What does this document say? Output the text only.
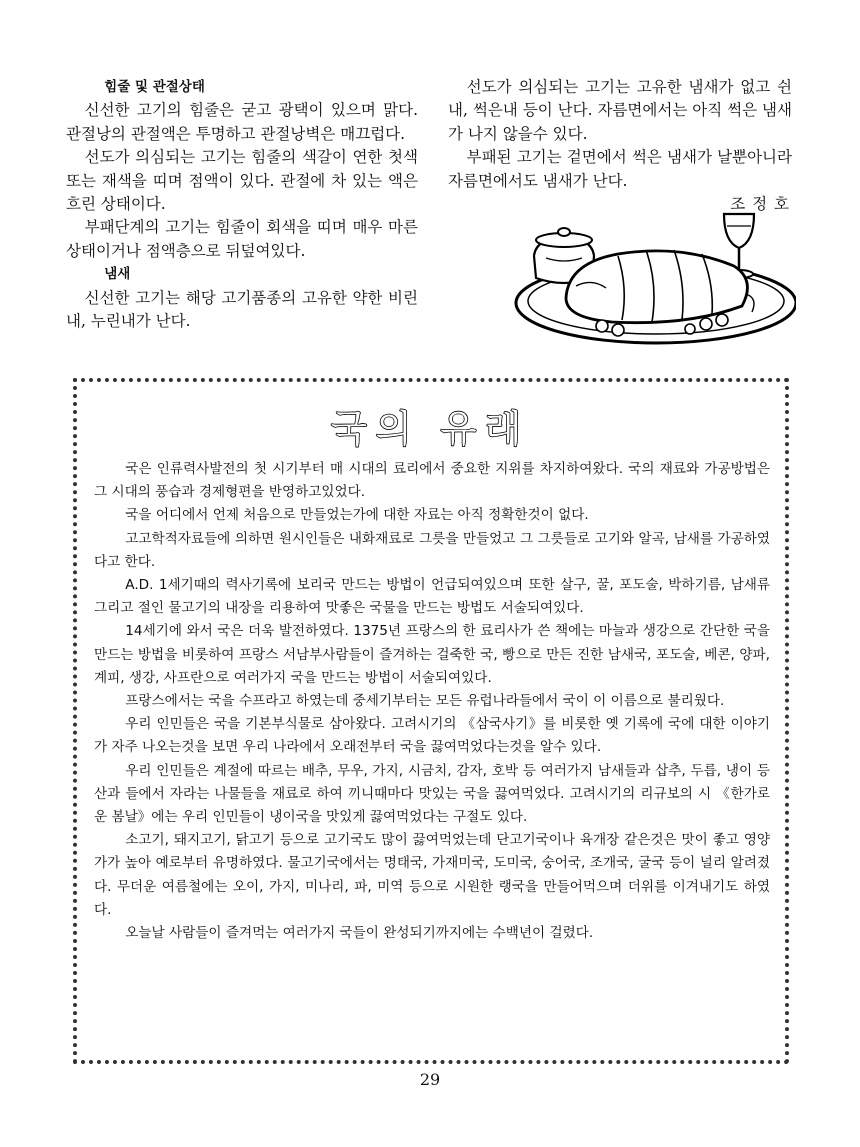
힘줄 및 관절상태

신선한 고기의 힘줄은 굳고 광택이 있으며 맑다. 관절낭의 관절액은 투명하고 관절낭벽은 매끄럽다.

선도가 의심되는 고기는 힘줄의 색갈이 연한 첫색 또는 재색을 띠며 점액이 있다. 관절에 차 있는 액은 흐린 상태이다.

부패단계의 고기는 힘줄이 회색을 띠며 매우 마른 상태이거나 점액층으로 뒤덮여있다.

냄새

신선한 고기는 해당 고기품종의 고유한 약한 비린내, 누린내가 난다.

선도가 의심되는 고기는 고유한 냄새가 없고 쉰내, 썩은내 등이 난다. 자름면에서는 아직 썩은 냄새가 나지 않을수 있다.

부패된 고기는 겉면에서 썩은 냄새가 날뿐아니라 자름면에서도 냄새가 난다.

조 정 호
국의 유래

국은 인류력사발전의 첫 시기부터 매 시대의 료리에서 중요한 지위를 차지하여왔다. 국의 재료와 가공방법은 그 시대의 풍습과 경제형편을 반영하고있었다.

국을 어디에서 언제 처음으로 만들었는가에 대한 자료는 아직 정확한것이 없다.

고고학적자료들에 의하면 원시인들은 내화재료로 그릇을 만들었고 그 그릇들로 고기와 알곡, 남새를 가공하였다고 한다.

A.D. 1세기때의 력사기록에 보리국 만드는 방법이 언급되여있으며 또한 살구, 꿀, 포도술, 박하기름, 남새류 그리고 절인 물고기의 내장을 리용하여 맛좋은 국물을 만드는 방법도 서술되여있다.

14세기에 와서 국은 더욱 발전하였다. 1375년 프랑스의 한 료리사가 쓴 책에는 마늘과 생강으로 간단한 국을 만드는 방법을 비롯하여 프랑스 서남부사람들이 즐겨하는 걸죽한 국, 빵으로 만든 진한 남새국, 포도술, 베콘, 양파, 계피, 생강, 사프란으로 여러가지 국을 만드는 방법이 서술되여있다.

프랑스에서는 국을 수프라고 하였는데 중세기부터는 모든 유럽나라들에서 국이 이 이름으로 불리웠다.

우리 인민들은 국을 기본부식물로 삼아왔다. 고려시기의 《삼국사기》를 비롯한 옛 기록에 국에 대한 이야기가 자주 나오는것을 보면 우리 나라에서 오래전부터 국을 끓여먹었다는것을 알수 있다.

우리 인민들은 계절에 따르는 배추, 무우, 가지, 시금치, 감자, 호박 등 여러가지 남새들과 삽추, 두릅, 냉이 등 산과 들에서 자라는 나물들을 재료로 하여 끼니때마다 맛있는 국을 끓여먹었다. 고려시기의 리규보의 시 《한가로운 봄날》에는 우리 인민들이 냉이국을 맛있게 끓여먹었다는 구절도 있다.

소고기, 돼지고기, 닭고기 등으로 고기국도 많이 끓여먹었는데 단고기국이나 육개장 같은것은 맛이 좋고 영양가가 높아 예로부터 유명하였다. 물고기국에서는 명태국, 가재미국, 도미국, 숭어국, 조개국, 굴국 등이 널리 알려졌다. 무더운 여름철에는 오이, 가지, 미나리, 파, 미역 등으로 시원한 랭국을 만들어먹으며 더위를 이겨내기도 하였다.

오늘날 사람들이 즐겨먹는 여러가지 국들이 완성되기까지에는 수백년이 걸렸다.

29
